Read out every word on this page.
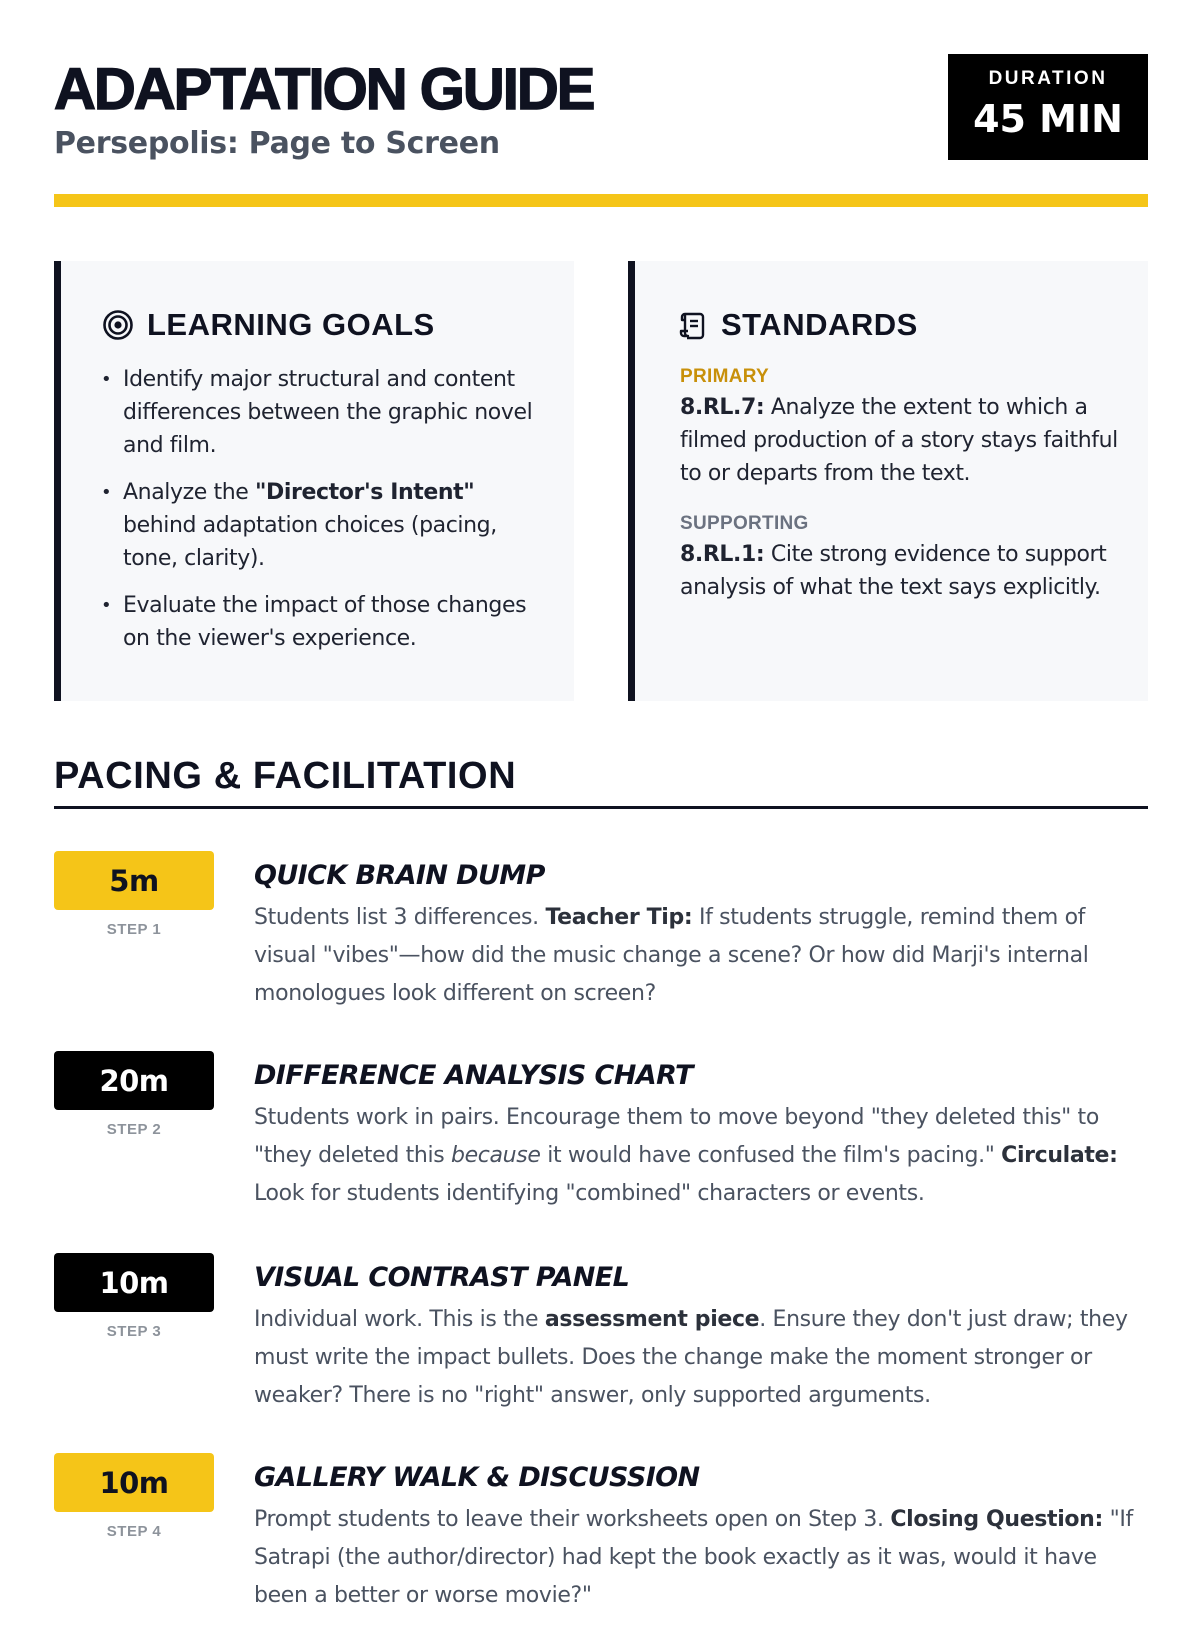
ADAPTATION GUIDE
Persepolis: Page to Screen
DURATION
45 MIN
LEARNING GOALS
• Identify major structural and content differences between the graphic novel and film.
• Analyze the "Director's Intent" behind adaptation choices (pacing, tone, clarity).
• Evaluate the impact of those changes on the viewer's experience.
STANDARDS
PRIMARY
8.RL.7: Analyze the extent to which a filmed production of a story stays faithful to or departs from the text.
SUPPORTING
8.RL.1: Cite strong evidence to support analysis of what the text says explicitly.
PACING & FACILITATION
5m
STEP 1
QUICK BRAIN DUMP
Students list 3 differences. Teacher Tip: If students struggle, remind them of visual "vibes"—how did the music change a scene? Or how did Marji's internal monologues look different on screen?
20m
STEP 2
DIFFERENCE ANALYSIS CHART
Students work in pairs. Encourage them to move beyond "they deleted this" to "they deleted this because it would have confused the film's pacing." Circulate: Look for students identifying "combined" characters or events.
10m
STEP 3
VISUAL CONTRAST PANEL
Individual work. This is the assessment piece. Ensure they don't just draw; they must write the impact bullets. Does the change make the moment stronger or weaker? There is no "right" answer, only supported arguments.
10m
STEP 4
GALLERY WALK & DISCUSSION
Prompt students to leave their worksheets open on Step 3. Closing Question: "If Satrapi (the author/director) had kept the book exactly as it was, would it have been a better or worse movie?"
